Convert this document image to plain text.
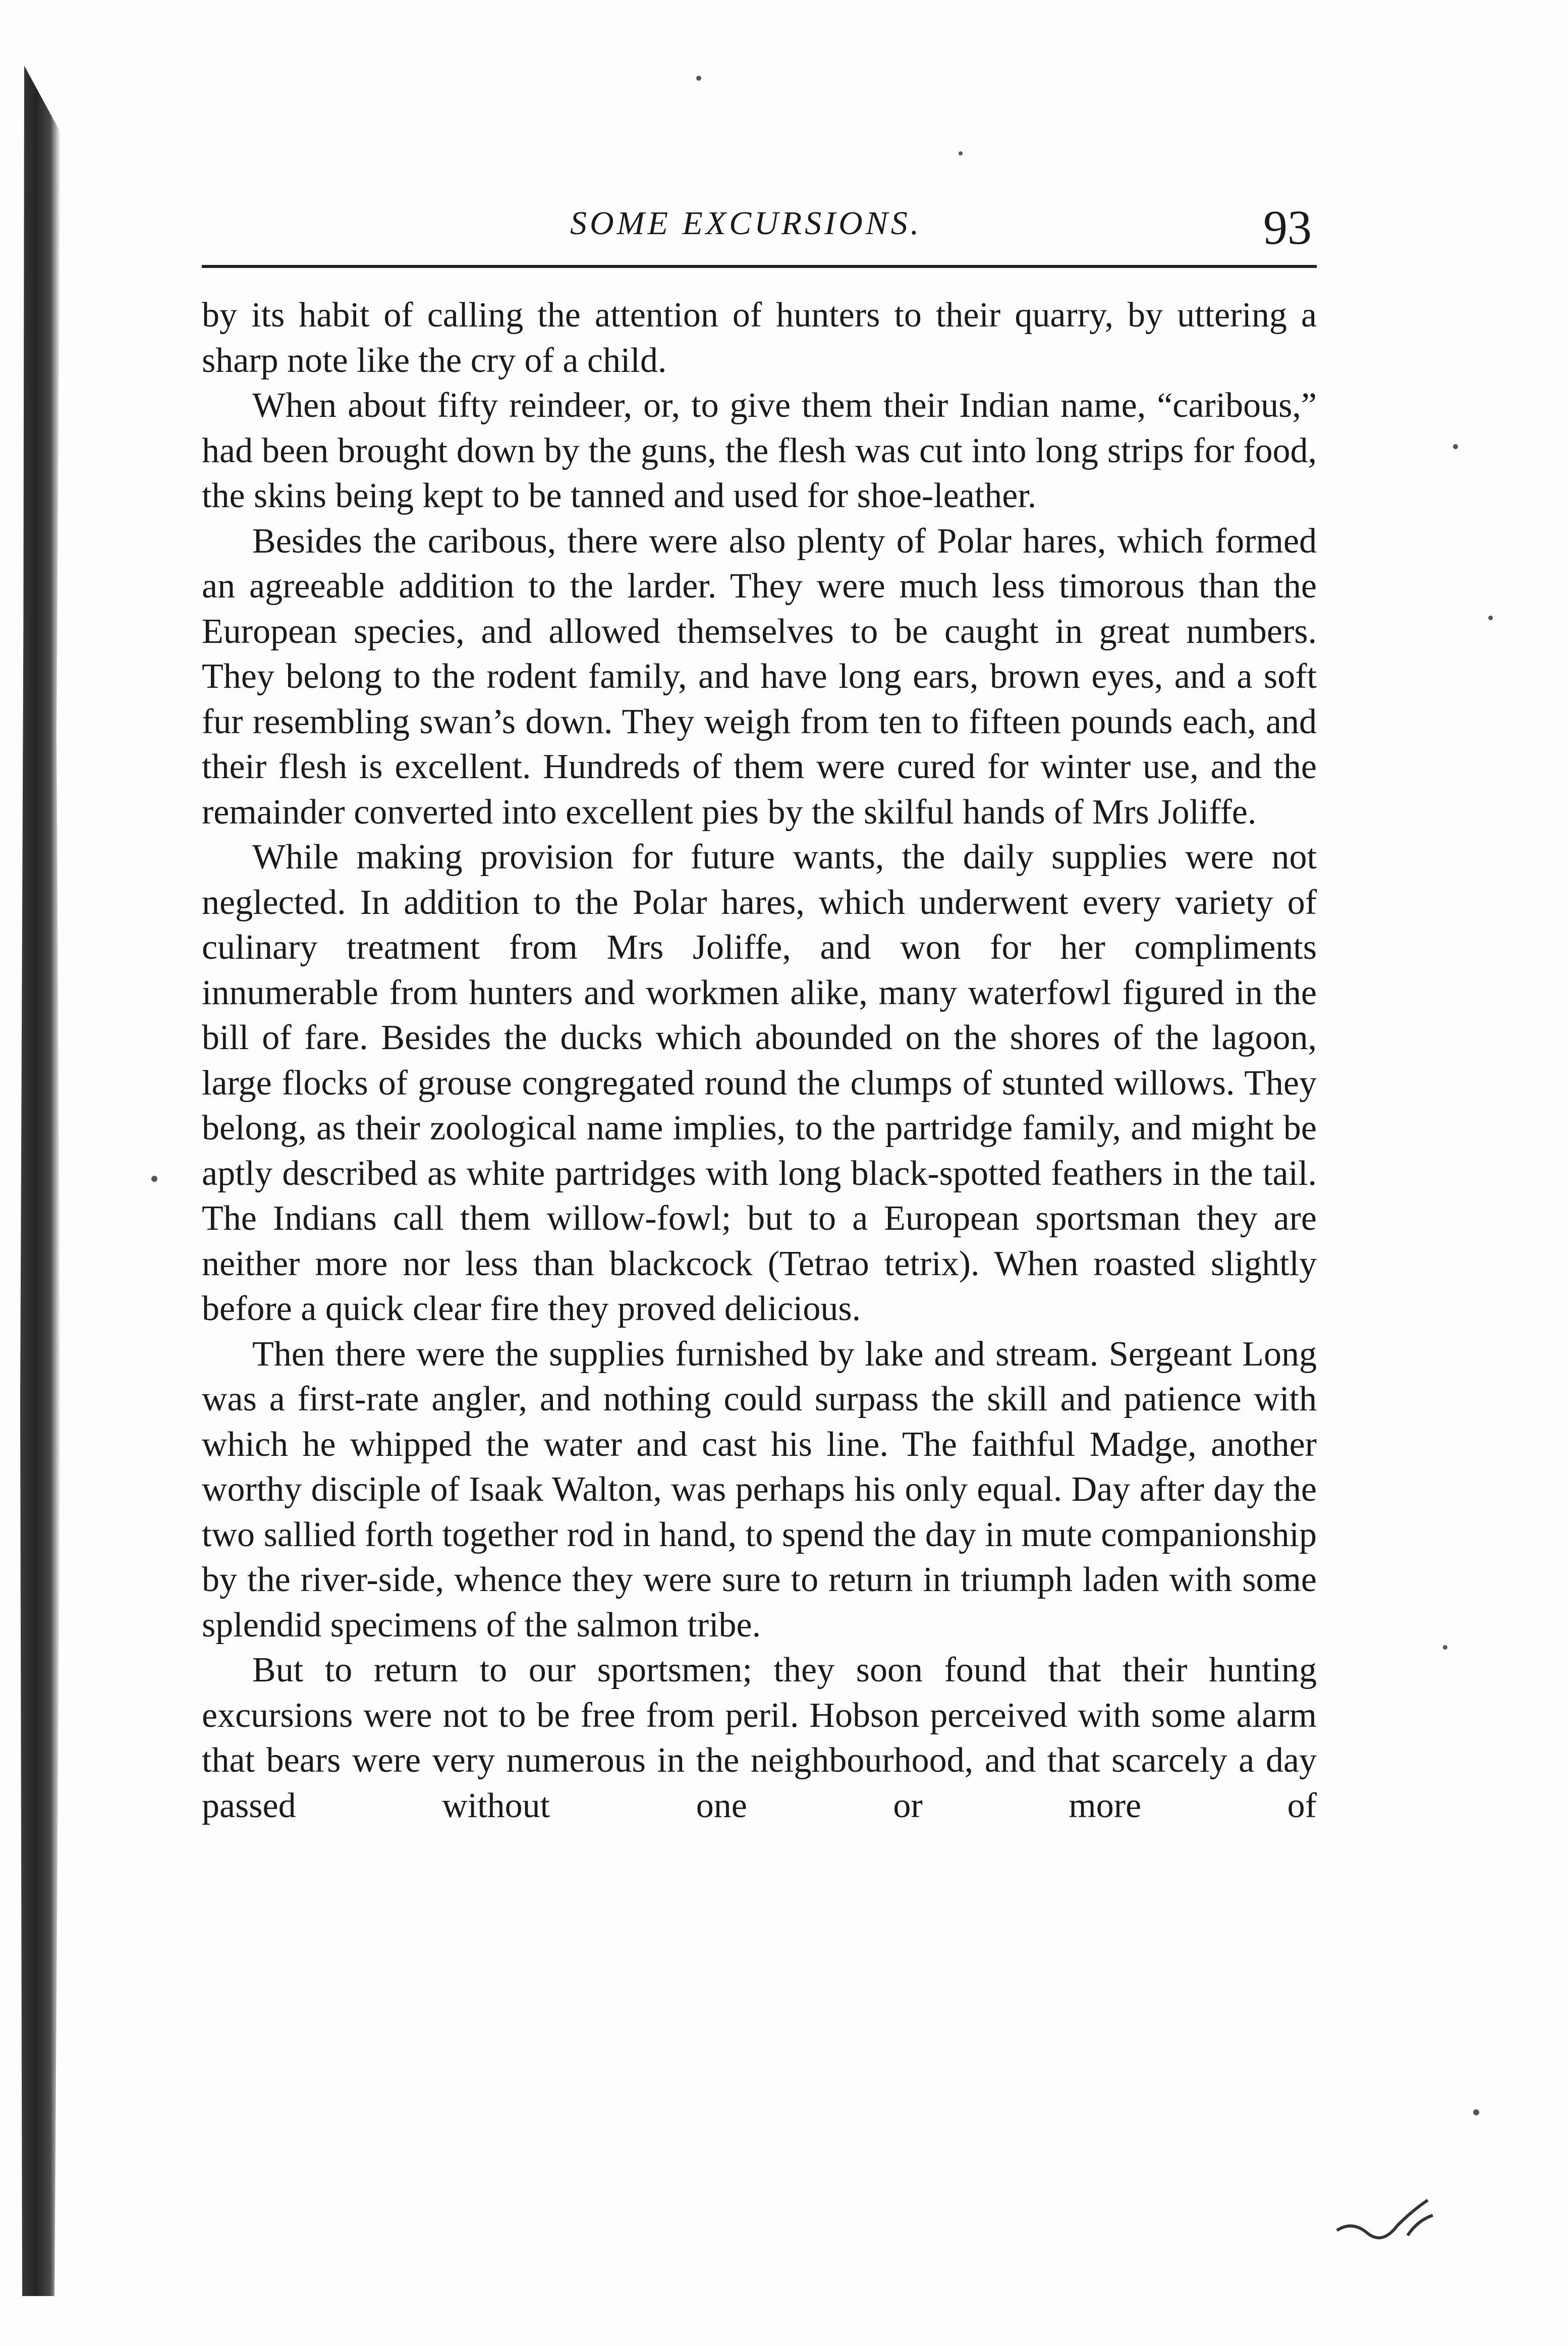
SOME EXCURSIONS.	93

by its habit of calling the attention of hunters to their quarry, by uttering a sharp note like the cry of a child.

When about fifty reindeer, or, to give them their Indian name, “caribous,” had been brought down by the guns, the flesh was cut into long strips for food, the skins being kept to be tanned and used for shoe-leather.

Besides the caribous, there were also plenty of Polar hares, which formed an agreeable addition to the larder. They were much less timorous than the European species, and allowed themselves to be caught in great numbers. They belong to the rodent family, and have long ears, brown eyes, and a soft fur resembling swan’s down. They weigh from ten to fifteen pounds each, and their flesh is excellent. Hundreds of them were cured for winter use, and the remainder converted into excellent pies by the skilful hands of Mrs Joliffe.

While making provision for future wants, the daily supplies were not neglected. In addition to the Polar hares, which underwent every variety of culinary treatment from Mrs Joliffe, and won for her compliments innumerable from hunters and workmen alike, many waterfowl figured in the bill of fare. Besides the ducks which abounded on the shores of the lagoon, large flocks of grouse congregated round the clumps of stunted willows. They belong, as their zoological name implies, to the partridge family, and might be aptly described as white partridges with long black-spotted feathers in the tail. The Indians call them willow-fowl; but to a European sportsman they are neither more nor less than blackcock (Tetrao tetrix). When roasted slightly before a quick clear fire they proved delicious.

Then there were the supplies furnished by lake and stream. Sergeant Long was a first-rate angler, and nothing could surpass the skill and patience with which he whipped the water and cast his line. The faithful Madge, another worthy disciple of Isaak Walton, was perhaps his only equal. Day after day the two sallied forth together rod in hand, to spend the day in mute companionship by the river-side, whence they were sure to return in triumph laden with some splendid specimens of the salmon tribe.

But to return to our sportsmen; they soon found that their hunting excursions were not to be free from peril. Hobson perceived with some alarm that bears were very numerous in the neighbourhood, and that scarcely a day passed without one or more of
